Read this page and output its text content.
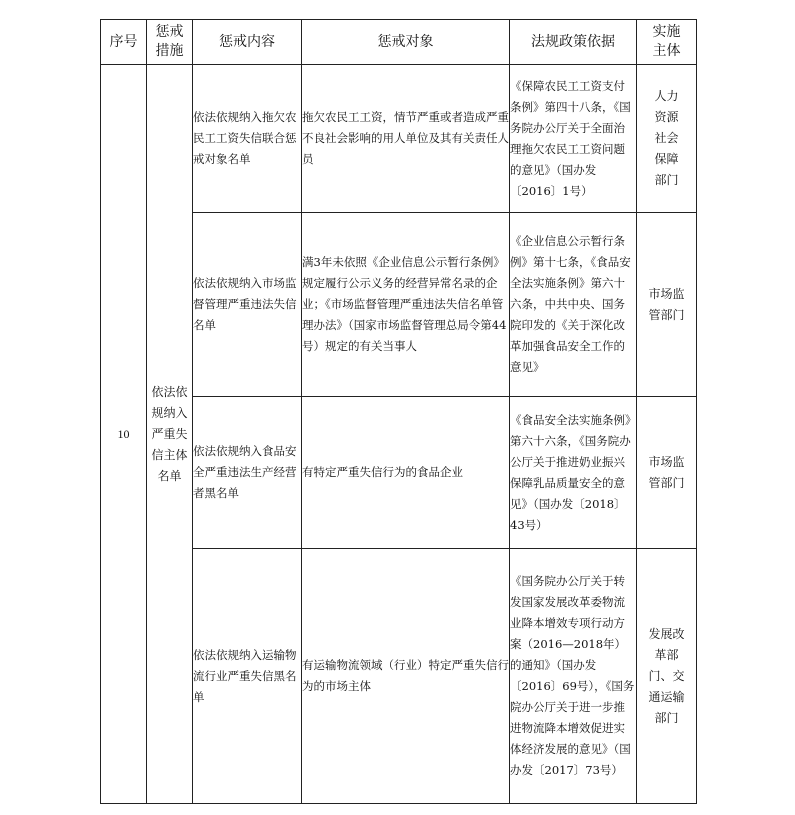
序号	惩戒措施	惩戒内容	惩戒对象	法规政策依据	实施主体

10	依法依规纳入严重失信主体名单	依法依规纳入拖欠农民工工资失信联合惩戒对象名单	拖欠农民工工资，情节严重或者造成严重不良社会影响的用人单位及其有关责任人员	《保障农民工工资支付条例》第四十八条，《国务院办公厅关于全面治理拖欠农民工工资问题的意见》（国办发〔2016〕1号）	人力资源社会保障部门
		依法依规纳入市场监督管理严重违法失信名单	满3年未依照《企业信息公示暂行条例》规定履行公示义务的经营异常名录的企业；《市场监督管理严重违法失信名单管理办法》（国家市场监督管理总局令第44号）规定的有关当事人	《企业信息公示暂行条例》第十七条，《食品安全法实施条例》第六十六条，中共中央、国务院印发的《关于深化改革加强食品安全工作的意见》	市场监管部门
		依法依规纳入食品安全严重违法生产经营者黑名单	有特定严重失信行为的食品企业	《食品安全法实施条例》第六十六条，《国务院办公厅关于推进奶业振兴保障乳品质量安全的意见》（国办发〔2018〕43号）	市场监管部门
		依法依规纳入运输物流行业严重失信黑名单	有运输物流领域（行业）特定严重失信行为的市场主体	《国务院办公厅关于转发国家发展改革委物流业降本增效专项行动方案（2016—2018年）的通知》（国办发〔2016〕69号），《国务院办公厅关于进一步推进物流降本增效促进实体经济发展的意见》（国办发〔2017〕73号）	发展改革部门、交通运输部门
